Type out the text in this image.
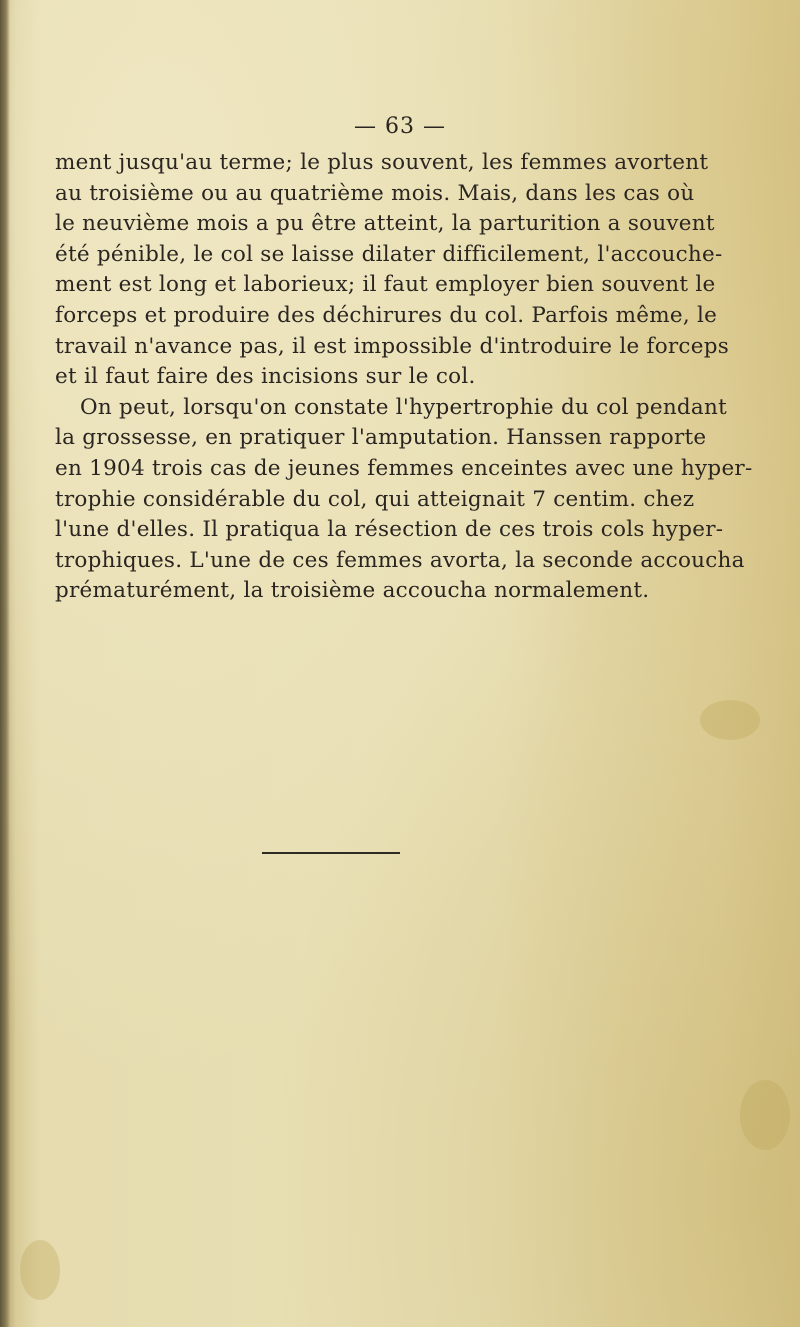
— 63 —
ment jusqu'au terme; le plus souvent, les femmes avortent
au troisième ou au quatrième mois. Mais, dans les cas où
le neuvième mois a pu être atteint, la parturition a souvent
été pénible, le col se laisse dilater difficilement, l'accouche-
ment est long et laborieux; il faut employer bien souvent le
forceps et produire des déchirures du col. Parfois même, le
travail n'avance pas, il est impossible d'introduire le forceps
et il faut faire des incisions sur le col.
On peut, lorsqu'on constate l'hypertrophie du col pendant
la grossesse, en pratiquer l'amputation. Hanssen rapporte
en 1904 trois cas de jeunes femmes enceintes avec une hyper-
trophie considérable du col, qui atteignait 7 centim. chez
l'une d'elles. Il pratiqua la résection de ces trois cols hyper-
trophiques. L'une de ces femmes avorta, la seconde accoucha
prématurément, la troisième accoucha normalement.
